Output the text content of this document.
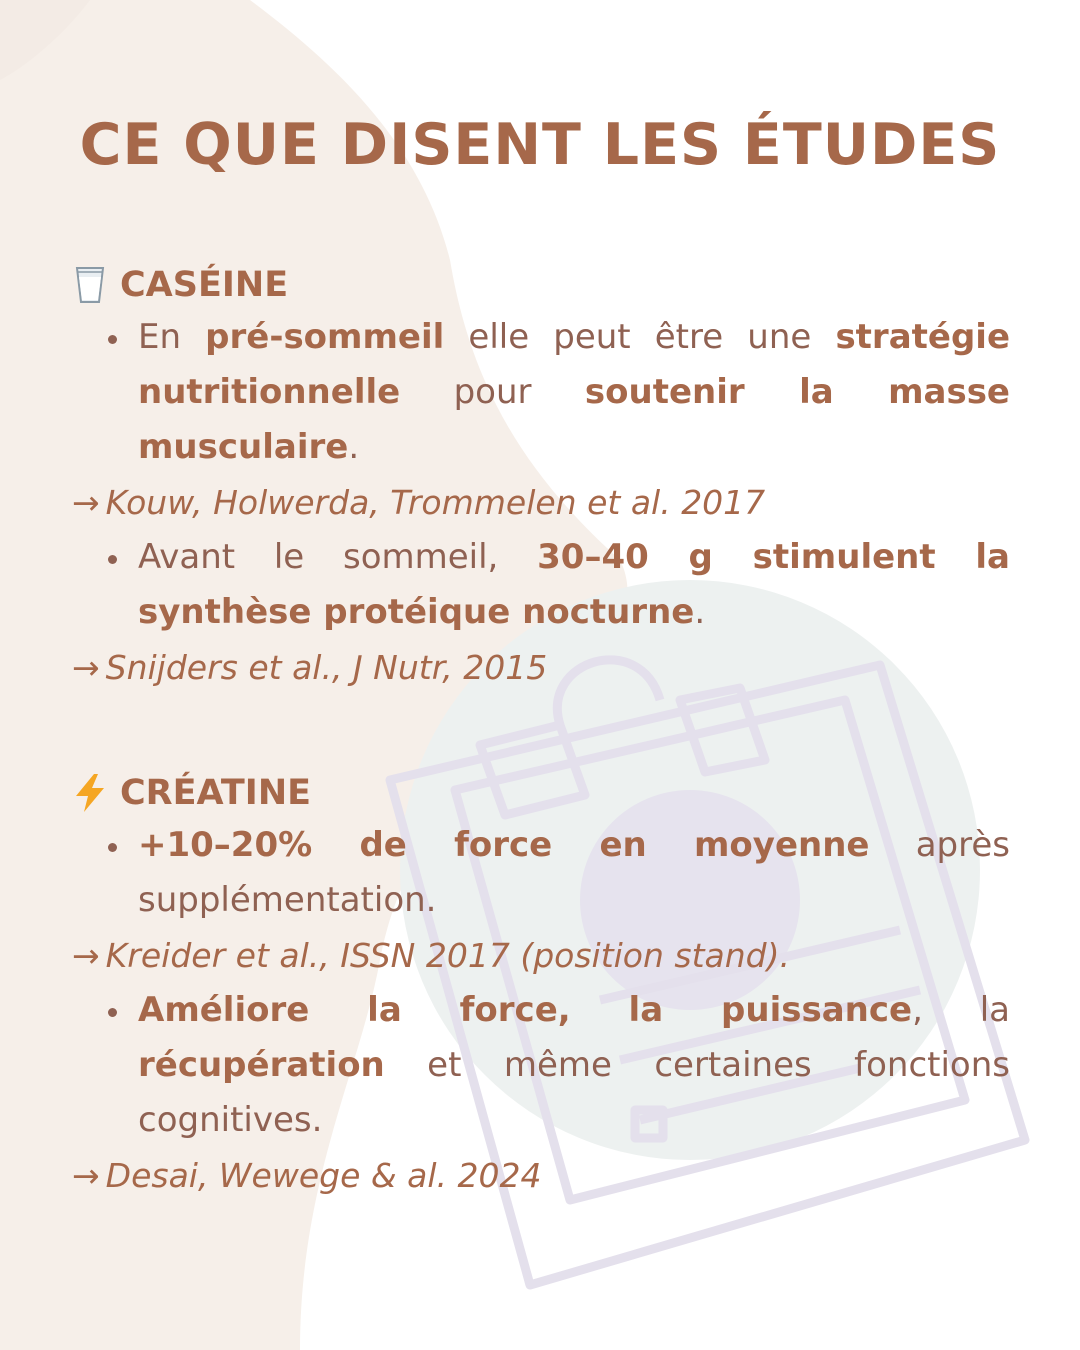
CE QUE DISENT LES ÉTUDES
CASÉINE

En pré-sommeil elle peut être une stratégie nutritionnelle pour soutenir la masse musculaire.

→ Kouw, Holwerda, Trommelen et al. 2017

Avant le sommeil, 30–40 g stimulent la synthèse protéique nocturne.

→ Snijders et al., J Nutr, 2015
CRÉATINE

+10–20% de force en moyenne après supplémentation.

→ Kreider et al., ISSN 2017 (position stand).

Améliore la force, la puissance, la récupération et même certaines fonctions cognitives.

→ Desai, Wewege & al. 2024
